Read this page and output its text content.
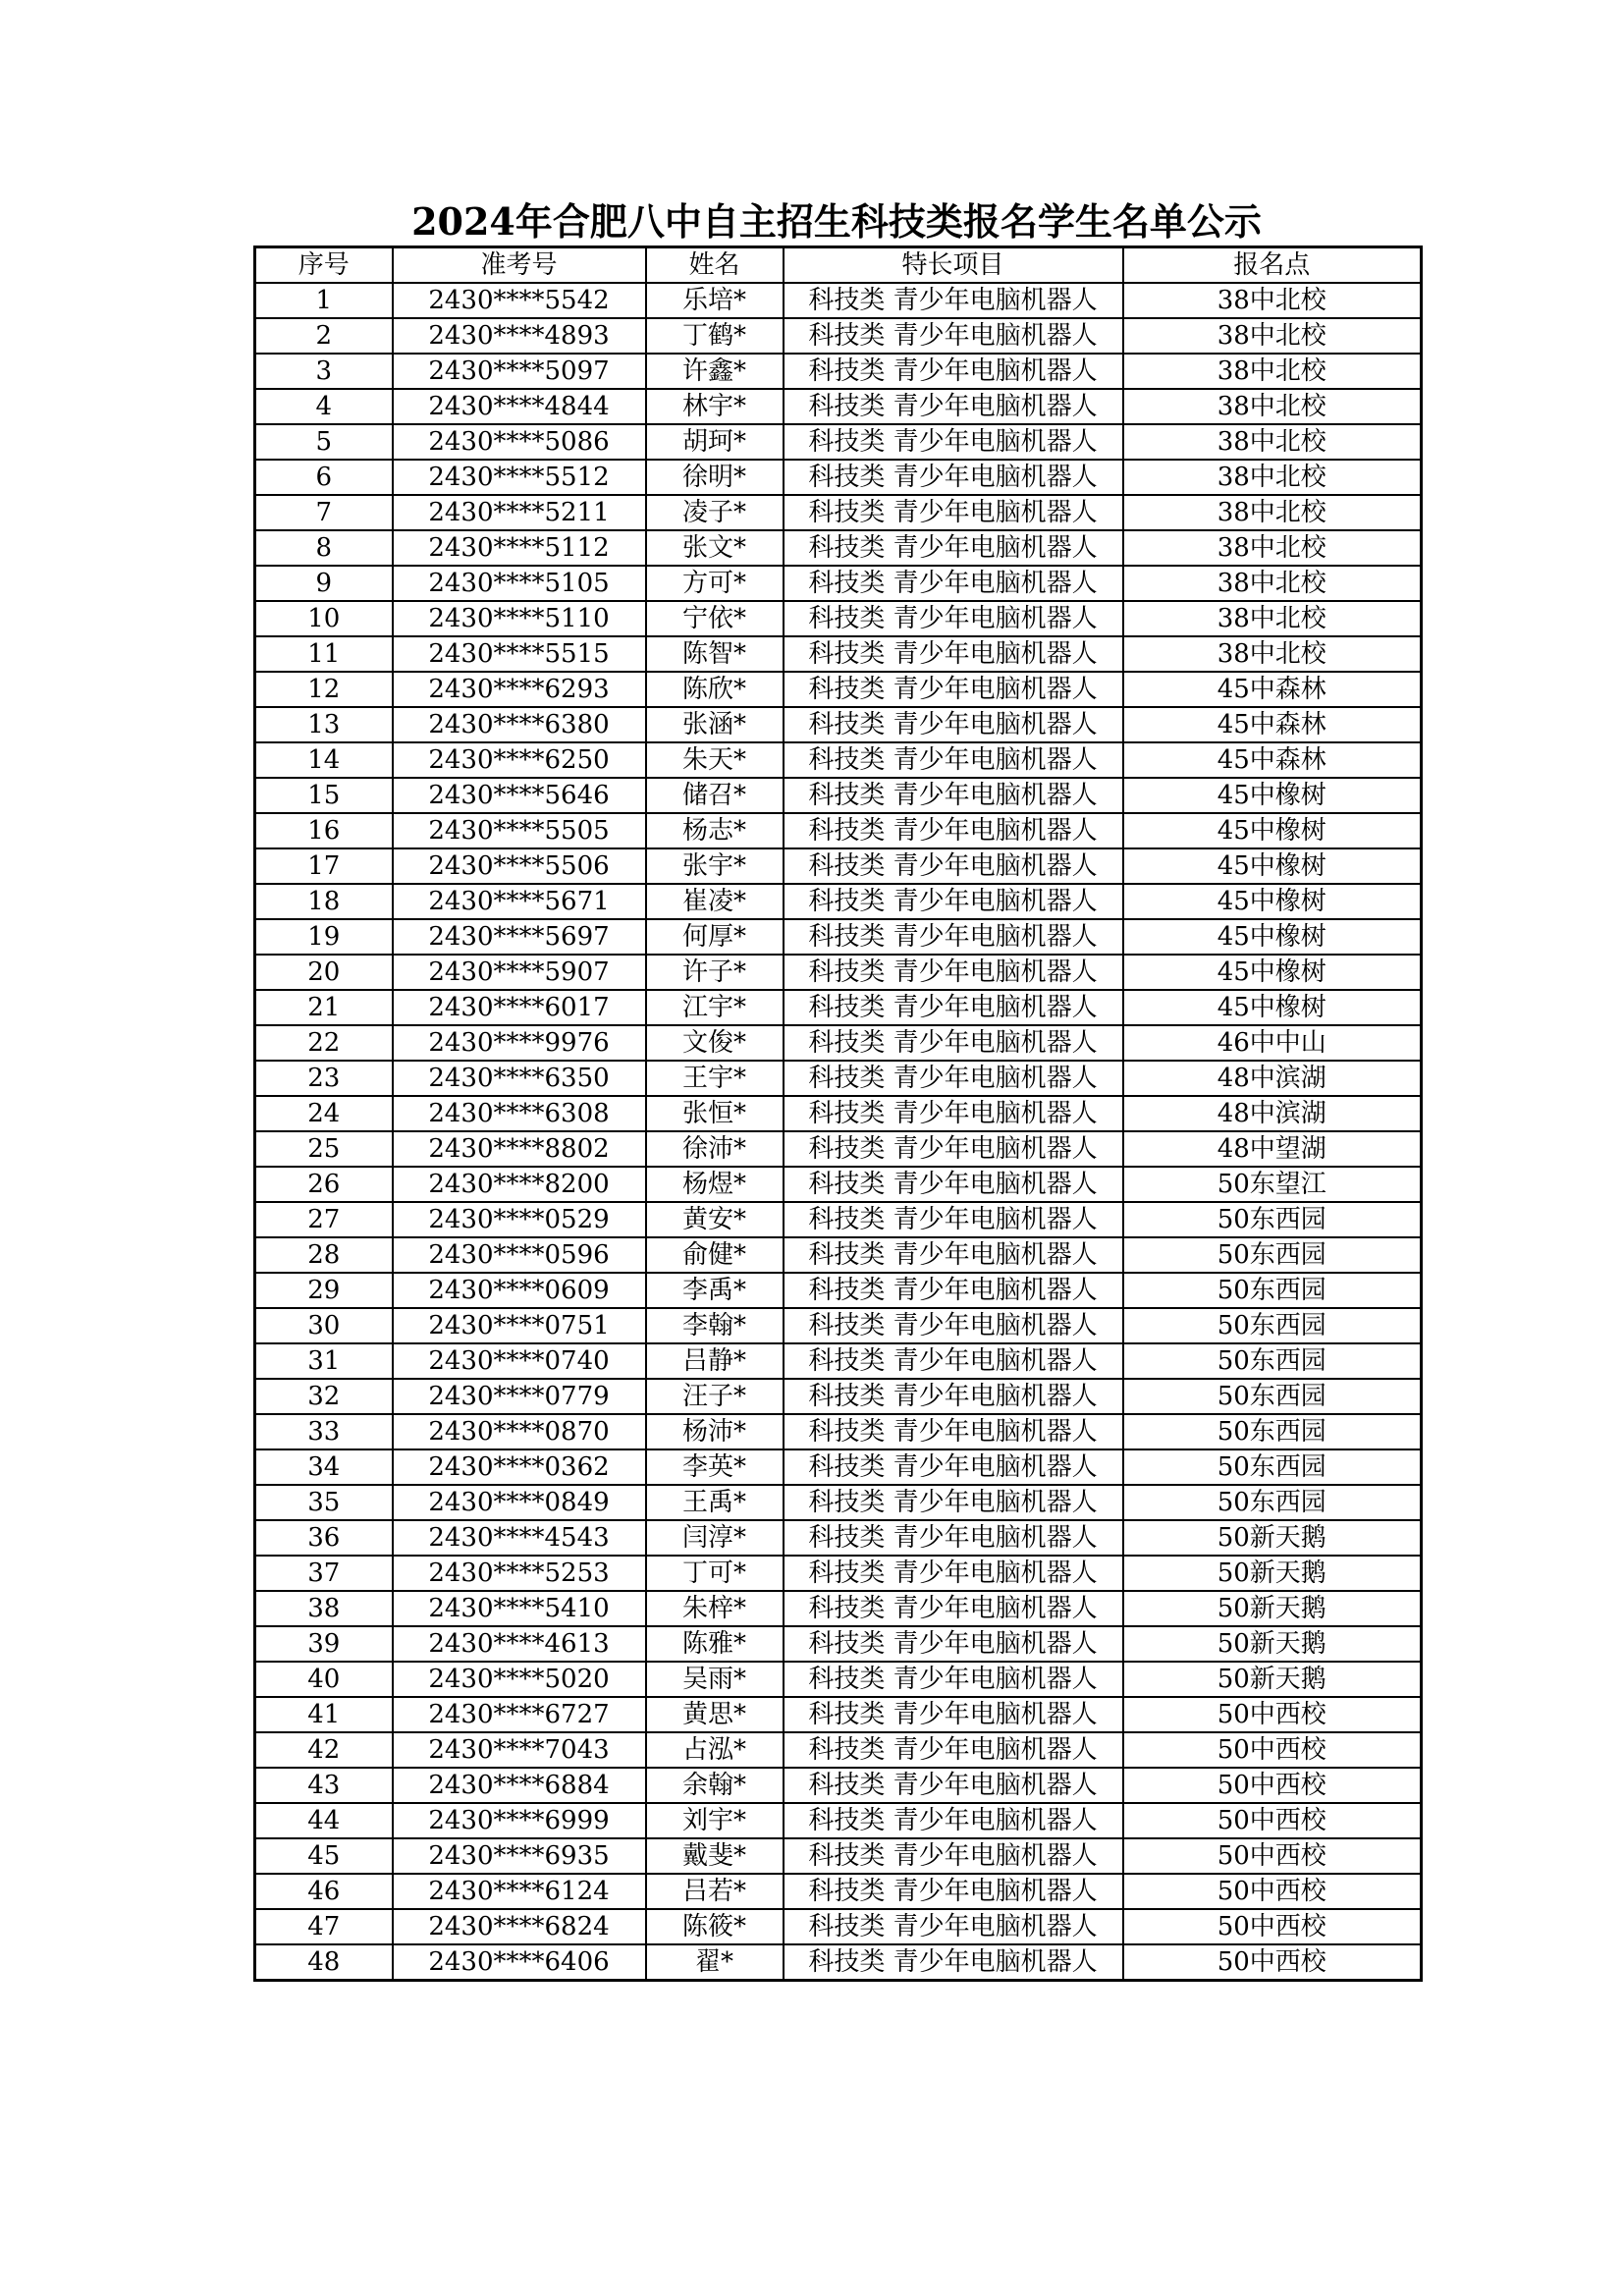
2024年合肥八中自主招生科技类报名学生名单公示
序号	准考号	姓名	特长项目	报名点
1	2430****5542	乐培*	科技类 青少年电脑机器人	38中北校
2	2430****4893	丁鹤*	科技类 青少年电脑机器人	38中北校
3	2430****5097	许鑫*	科技类 青少年电脑机器人	38中北校
4	2430****4844	林宇*	科技类 青少年电脑机器人	38中北校
5	2430****5086	胡珂*	科技类 青少年电脑机器人	38中北校
6	2430****5512	徐明*	科技类 青少年电脑机器人	38中北校
7	2430****5211	凌子*	科技类 青少年电脑机器人	38中北校
8	2430****5112	张文*	科技类 青少年电脑机器人	38中北校
9	2430****5105	方可*	科技类 青少年电脑机器人	38中北校
10	2430****5110	宁依*	科技类 青少年电脑机器人	38中北校
11	2430****5515	陈智*	科技类 青少年电脑机器人	38中北校
12	2430****6293	陈欣*	科技类 青少年电脑机器人	45中森林
13	2430****6380	张涵*	科技类 青少年电脑机器人	45中森林
14	2430****6250	朱天*	科技类 青少年电脑机器人	45中森林
15	2430****5646	储召*	科技类 青少年电脑机器人	45中橡树
16	2430****5505	杨志*	科技类 青少年电脑机器人	45中橡树
17	2430****5506	张宇*	科技类 青少年电脑机器人	45中橡树
18	2430****5671	崔凌*	科技类 青少年电脑机器人	45中橡树
19	2430****5697	何厚*	科技类 青少年电脑机器人	45中橡树
20	2430****5907	许子*	科技类 青少年电脑机器人	45中橡树
21	2430****6017	江宇*	科技类 青少年电脑机器人	45中橡树
22	2430****9976	文俊*	科技类 青少年电脑机器人	46中中山
23	2430****6350	王宇*	科技类 青少年电脑机器人	48中滨湖
24	2430****6308	张恒*	科技类 青少年电脑机器人	48中滨湖
25	2430****8802	徐沛*	科技类 青少年电脑机器人	48中望湖
26	2430****8200	杨煜*	科技类 青少年电脑机器人	50东望江
27	2430****0529	黄安*	科技类 青少年电脑机器人	50东西园
28	2430****0596	俞健*	科技类 青少年电脑机器人	50东西园
29	2430****0609	李禹*	科技类 青少年电脑机器人	50东西园
30	2430****0751	李翰*	科技类 青少年电脑机器人	50东西园
31	2430****0740	吕静*	科技类 青少年电脑机器人	50东西园
32	2430****0779	汪子*	科技类 青少年电脑机器人	50东西园
33	2430****0870	杨沛*	科技类 青少年电脑机器人	50东西园
34	2430****0362	李英*	科技类 青少年电脑机器人	50东西园
35	2430****0849	王禹*	科技类 青少年电脑机器人	50东西园
36	2430****4543	闫淳*	科技类 青少年电脑机器人	50新天鹅
37	2430****5253	丁可*	科技类 青少年电脑机器人	50新天鹅
38	2430****5410	朱梓*	科技类 青少年电脑机器人	50新天鹅
39	2430****4613	陈雅*	科技类 青少年电脑机器人	50新天鹅
40	2430****5020	吴雨*	科技类 青少年电脑机器人	50新天鹅
41	2430****6727	黄思*	科技类 青少年电脑机器人	50中西校
42	2430****7043	占泓*	科技类 青少年电脑机器人	50中西校
43	2430****6884	余翰*	科技类 青少年电脑机器人	50中西校
44	2430****6999	刘宇*	科技类 青少年电脑机器人	50中西校
45	2430****6935	戴斐*	科技类 青少年电脑机器人	50中西校
46	2430****6124	吕若*	科技类 青少年电脑机器人	50中西校
47	2430****6824	陈筱*	科技类 青少年电脑机器人	50中西校
48	2430****6406	翟*	科技类 青少年电脑机器人	50中西校
